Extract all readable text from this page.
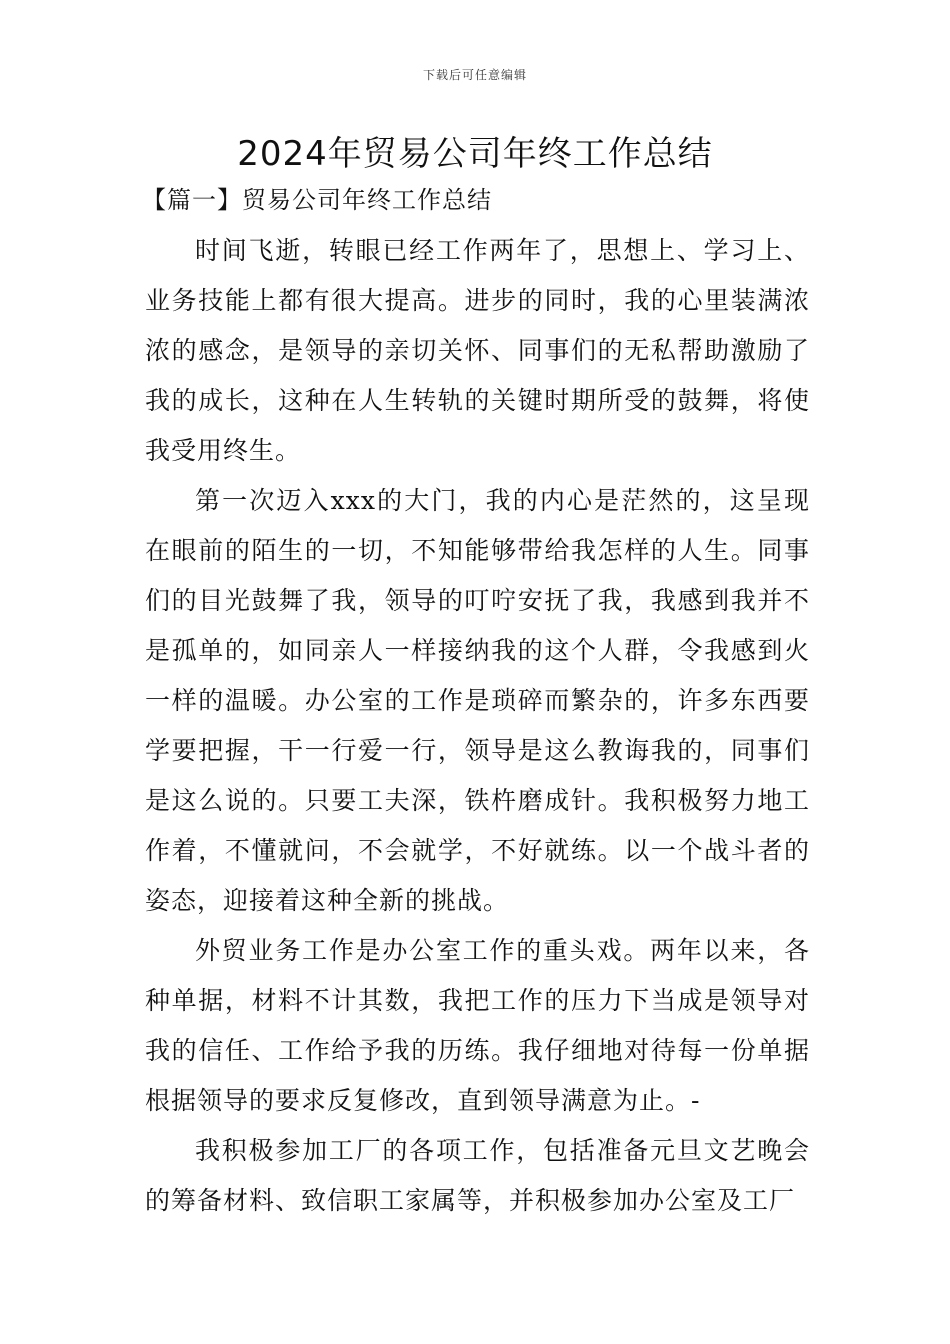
下载后可任意编辑
2024年贸易公司年终工作总结
【篇一】贸易公司年终工作总结

时间飞逝，转眼已经工作两年了，思想上、学习上、业务技能上都有很大提高。进步的同时，我的心里装满浓浓的感念，是领导的亲切关怀、同事们的无私帮助激励了我的成长，这种在人生转轨的关键时期所受的鼓舞，将使我受用终生。

第一次迈入xxx的大门，我的内心是茫然的，这呈现在眼前的陌生的一切，不知能够带给我怎样的人生。同事们的目光鼓舞了我，领导的叮咛安抚了我，我感到我并不是孤单的，如同亲人一样接纳我的这个人群，令我感到火一样的温暖。办公室的工作是琐碎而繁杂的，许多东西要学要把握，干一行爱一行，领导是这么教诲我的，同事们是这么说的。只要工夫深，铁杵磨成针。我积极努力地工作着，不懂就问，不会就学，不好就练。以一个战斗者的姿态，迎接着这种全新的挑战。

外贸业务工作是办公室工作的重头戏。两年以来，各种单据，材料不计其数，我把工作的压力下当成是领导对我的信任、工作给予我的历练。我仔细地对待每一份单据根据领导的要求反复修改，直到领导满意为止。-

我积极参加工厂的各项工作，包括准备元旦文艺晚会的筹备材料、致信职工家属等，并积极参加办公室及工厂
